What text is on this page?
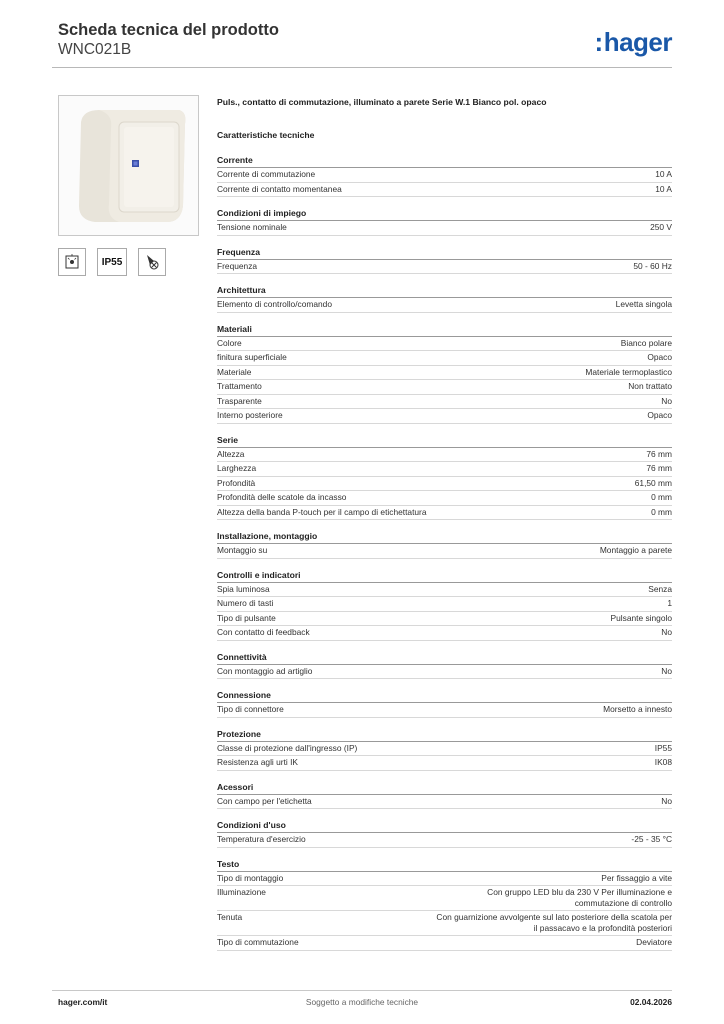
Scheda tecnica del prodotto
WNC021B	:hager
IP55
Puls., contatto di commutazione, illuminato a parete Serie W.1 Bianco pol. opaco
Caratteristiche tecniche
Corrente
Corrente di commutazione	10 A
Corrente di contatto momentanea	10 A
Condizioni di impiego
Tensione nominale	250 V
Frequenza
Frequenza	50 - 60 Hz
Architettura
Elemento di controllo/comando	Levetta singola
Materiali
Colore	Bianco polare
finitura superficiale	Opaco
Materiale	Materiale termoplastico
Trattamento	Non trattato
Trasparente	No
Interno posteriore	Opaco
Serie
Altezza	76 mm
Larghezza	76 mm
Profondità	61,50 mm
Profondità delle scatole da incasso	0 mm
Altezza della banda P-touch per il campo di etichettatura	0 mm
Installazione, montaggio
Montaggio su	Montaggio a parete
Controlli e indicatori
Spia luminosa	Senza
Numero di tasti	1
Tipo di pulsante	Pulsante singolo
Con contatto di feedback	No
Connettività
Con montaggio ad artiglio	No
Connessione
Tipo di connettore	Morsetto a innesto
Protezione
Classe di protezione dall'ingresso (IP)	IP55
Resistenza agli urti IK	IK08
Acessori
Con campo per l'etichetta	No
Condizioni d'uso
Temperatura d'esercizio	-25 - 35 °C
Testo
Tipo di montaggio	Per fissaggio a vite
Illuminazione	Con gruppo LED blu da 230 V Per illuminazione e commutazione di controllo
Tenuta	Con guarnizione avvolgente sul lato posteriore della scatola per il passacavo e la profondità posteriori
Tipo di commutazione	Deviatore
hager.com/it	Soggetto a modifiche tecniche	02.04.2026
